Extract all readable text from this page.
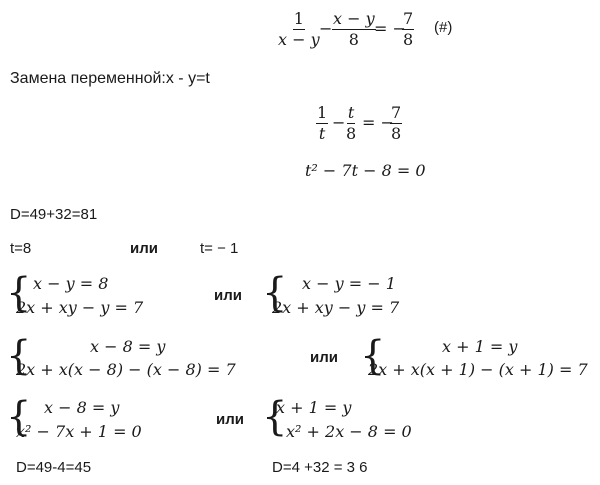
$\frac{1}{x - y} - \frac{x - y}{8}$
= −
$\frac{7}{8}$ (#)
Замена переменной:x - y=t
$\frac{1}{t} - \frac{t}{8}$ = −
$\frac{7}{8}$
t² − 7t − 8 = 0
D=49+32=81
t=8	или	t= − 1
{ x − y = 8
2x + xy − y = 7
или { x − y = − 1
2x + xy − y = 7
{	x − 8 = y
2x + x(x − 8) − (x − 8) = 7
или {	x + 1 = y
2x + x(x + 1) − (x + 1) = 7
{ x − 8 = y
x² − 7x + 1 = 0
или {
x + 1 = y
x² + 2x − 8 = 0
D=49-4=45	D=4 +32 = 3 6
